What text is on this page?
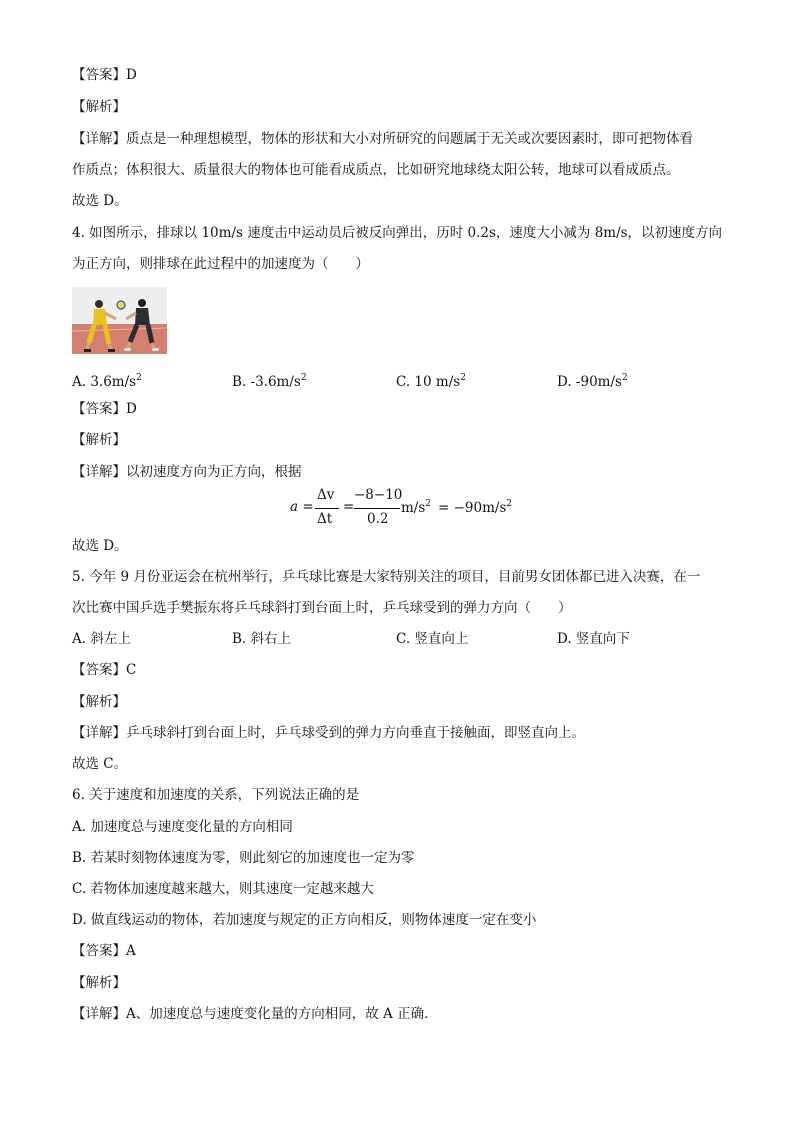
【答案】D
【解析】
【详解】质点是一种理想模型，物体的形状和大小对所研究的问题属于无关或次要因素时，即可把物体看
作质点；体积很大、质量很大的物体也可能看成质点，比如研究地球绕太阳公转，地球可以看成质点。
故选 D。
4. 如图所示，排球以 10m/s 速度击中运动员后被反向弹出，历时 0.2s，速度大小减为 8m/s，以初速度方向
为正方向，则排球在此过程中的加速度为（　　）
A. $3.6m/s^2$	B. $-3.6m/s^2$	C. 10 $m/s^2$	D. $-90m/s^2$
【答案】D
【解析】
【详解】以初速度方向为正方向，根据
a =
Δv
Δt
=
−8−10
0.2
$m/s^2 = -90m/s^2$
故选 D。
5. 今年 9 月份亚运会在杭州举行，乒乓球比赛是大家特别关注的项目，目前男女团体都已进入决赛，在一
次比赛中国乒选手樊振东将乒乓球斜打到台面上时，乒乓球受到的弹力方向（　　）
A. 斜左上	B. 斜右上	C. 竖直向上	D. 竖直向下
【答案】C
【解析】
【详解】乒乓球斜打到台面上时，乒乓球受到的弹力方向垂直于接触面，即竖直向上。
故选 C。
6. 关于速度和加速度的关系，下列说法正确的是
A. 加速度总与速度变化量的方向相同
B. 若某时刻物体速度为零，则此刻它的加速度也一定为零
C. 若物体加速度越来越大，则其速度一定越来越大
D. 做直线运动的物体，若加速度与规定的正方向相反，则物体速度一定在变小
【答案】A
【解析】
【详解】A、加速度总与速度变化量的方向相同，故 A 正确．
